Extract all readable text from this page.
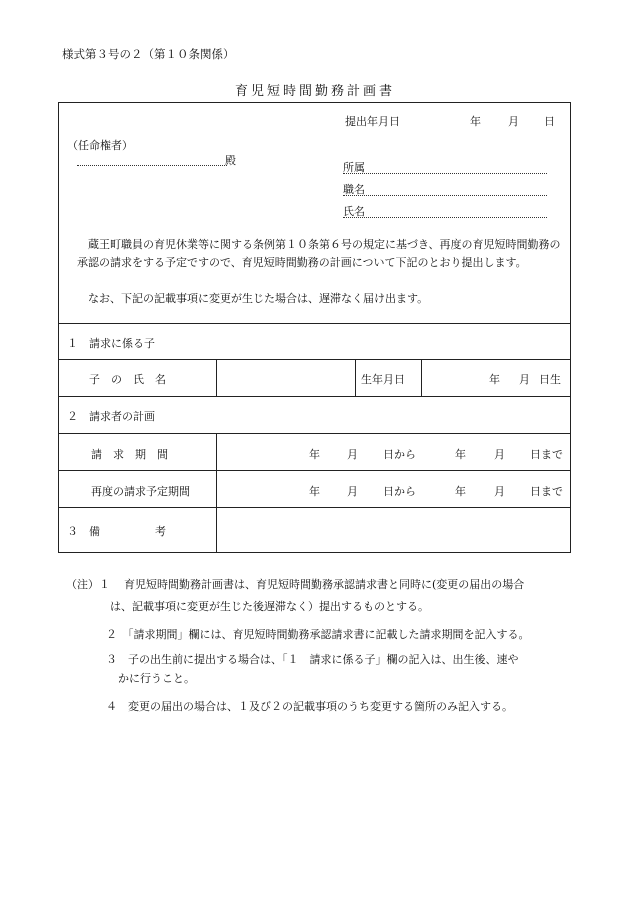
様式第３号の２（第１０条関係）
育児短時間勤務計画書
提出年月日	年 月 日
（任命権者）
殿
所属
職名
氏名
蔵王町職員の育児休業等に関する条例第１０条第６号の規定に基づき、再度の育児短時間勤務の承認の請求をする予定ですので、育児短時間勤務の計画について下記のとおり提出します。
なお、下記の記載事項に変更が生じた場合は、遅滞なく届け出ます。
１　請求に係る子
子　の　氏　名	生年月日	年 月 日生
２　請求者の計画
請　求　期　間	年 月 日から	年	月 日まで
再度の請求予定期間	年 月 日から	年	月 日まで
３　備　　　　　考
（注）１ 育児短時間勤務計画書は、育児短時間勤務承認請求書と同時に(変更の届出の場合
は、記載事項に変更が生じた後遅滞なく）提出するものとする。
２　「請求期間」欄には、育児短時間勤務承認請求書に記載した請求期間を記入する。
３　子の出生前に提出する場合は、「１　請求に係る子」欄の記入は、出生後、速や
かに行うこと。
４　変更の届出の場合は、１及び２の記載事項のうち変更する箇所のみ記入する。
